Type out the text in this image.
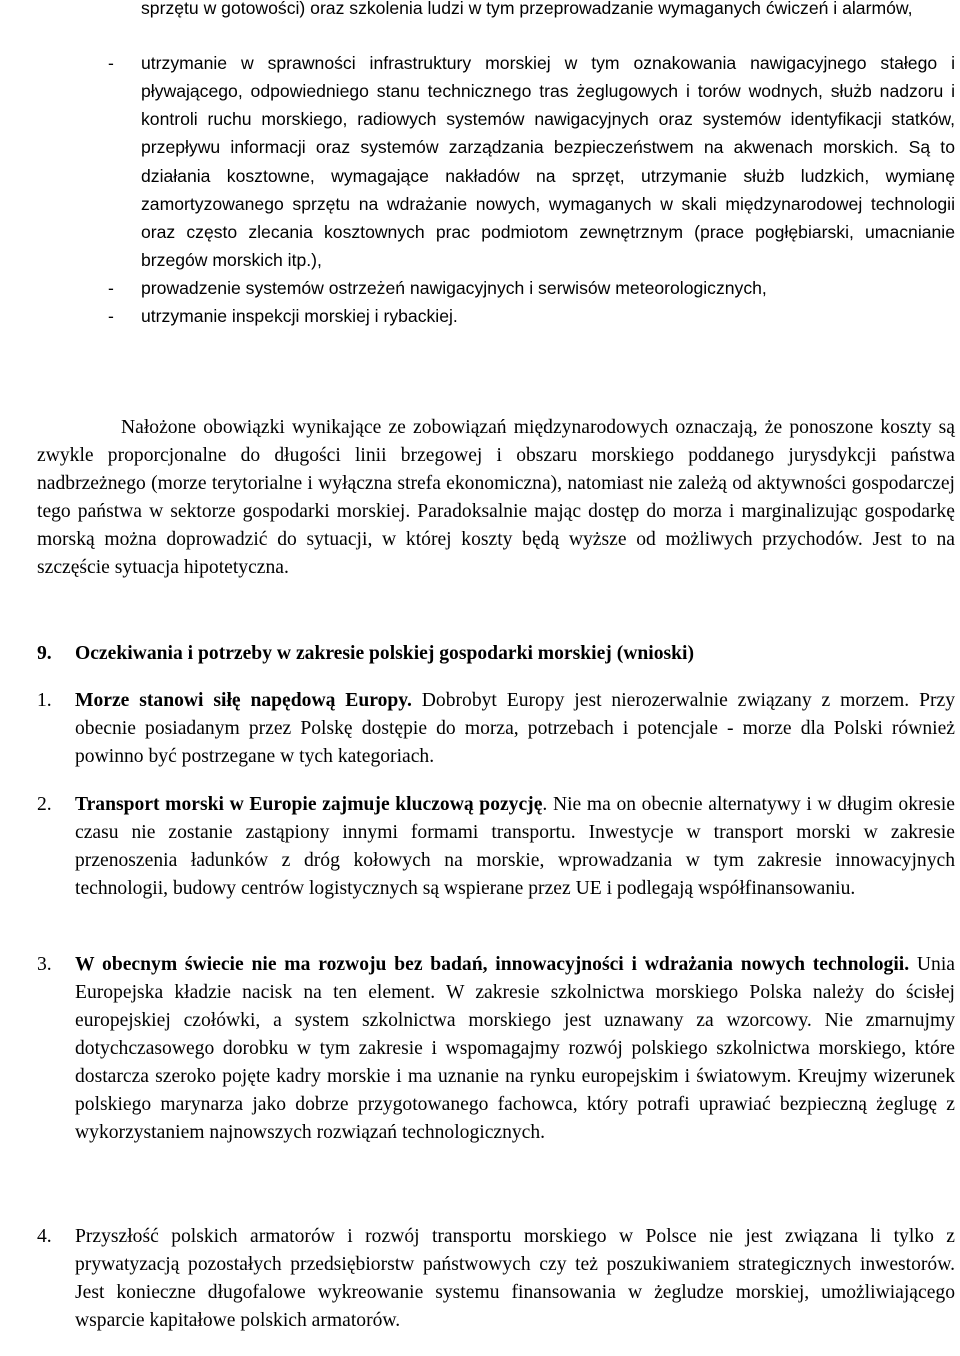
sprzętu w gotowości) oraz szkolenia ludzi w tym przeprowadzanie wymaganych ćwiczeń i alarmów,
- utrzymanie w sprawności infrastruktury morskiej w tym oznakowania nawigacyjnego stałego i pływającego, odpowiedniego stanu technicznego tras żeglugowych i torów wodnych, służb nadzoru i kontroli ruchu morskiego, radiowych systemów nawigacyjnych oraz systemów identyfikacji statków, przepływu informacji oraz systemów zarządzania bezpieczeństwem na akwenach morskich. Są to działania kosztowne, wymagające nakładów na sprzęt, utrzymanie służb ludzkich, wymianę zamortyzowanego sprzętu na wdrażanie nowych, wymaganych w skali międzynarodowej technologii oraz często zlecania kosztownych prac podmiotom zewnętrznym (prace pogłębiarski, umacnianie brzegów morskich itp.),
- prowadzenie systemów ostrzeżeń nawigacyjnych i serwisów meteorologicznych,
- utrzymanie inspekcji morskiej i rybackiej.
Nałożone obowiązki wynikające ze zobowiązań międzynarodowych oznaczają, że ponoszone koszty są zwykle proporcjonalne do długości linii brzegowej i obszaru morskiego poddanego jurysdykcji państwa nadbrzeżnego (morze terytorialne i wyłączna strefa ekonomiczna), natomiast nie zależą od aktywności gospodarczej tego państwa w sektorze gospodarki morskiej. Paradoksalnie mając dostęp do morza i marginalizując gospodarkę morską można doprowadzić do sytuacji, w której koszty będą wyższe od możliwych przychodów. Jest to na szczęście sytuacja hipotetyczna.
9. Oczekiwania i potrzeby w zakresie polskiej gospodarki morskiej (wnioski)
1.	Morze stanowi siłę napędową Europy. Dobrobyt Europy jest nierozerwalnie związany z morzem. Przy obecnie posiadanym przez Polskę dostępie do morza, potrzebach i potencjale - morze dla Polski również powinno być postrzegane w tych kategoriach.
2.	Transport morski w Europie zajmuje kluczową pozycję. Nie ma on obecnie alternatywy i w długim okresie czasu nie zostanie zastąpiony innymi formami transportu. Inwestycje w transport morski w zakresie przenoszenia ładunków z dróg kołowych na morskie, wprowadzania w tym zakresie innowacyjnych technologii, budowy centrów logistycznych są wspierane przez UE i podlegają współfinansowaniu.
3.	W obecnym świecie nie ma rozwoju bez badań, innowacyjności i wdrażania nowych technologii. Unia Europejska kładzie nacisk na ten element. W zakresie szkolnictwa morskiego Polska należy do ścisłej europejskiej czołówki, a system szkolnictwa morskiego jest uznawany za wzorcowy. Nie zmarnujmy dotychczasowego dorobku w tym zakresie i wspomagajmy rozwój polskiego szkolnictwa morskiego, które dostarcza szeroko pojęte kadry morskie i ma uznanie na rynku europejskim i światowym. Kreujmy wizerunek polskiego marynarza jako dobrze przygotowanego fachowca, który potrafi uprawiać bezpieczną żeglugę z wykorzystaniem najnowszych rozwiązań technologicznych.
4.	Przyszłość polskich armatorów i rozwój transportu morskiego w Polsce nie jest związana li tylko z prywatyzacją pozostałych przedsiębiorstw państwowych czy też poszukiwaniem strategicznych inwestorów. Jest konieczne długofalowe wykreowanie systemu finansowania w żegludze morskiej, umożliwiającego wsparcie kapitałowe polskich armatorów.
